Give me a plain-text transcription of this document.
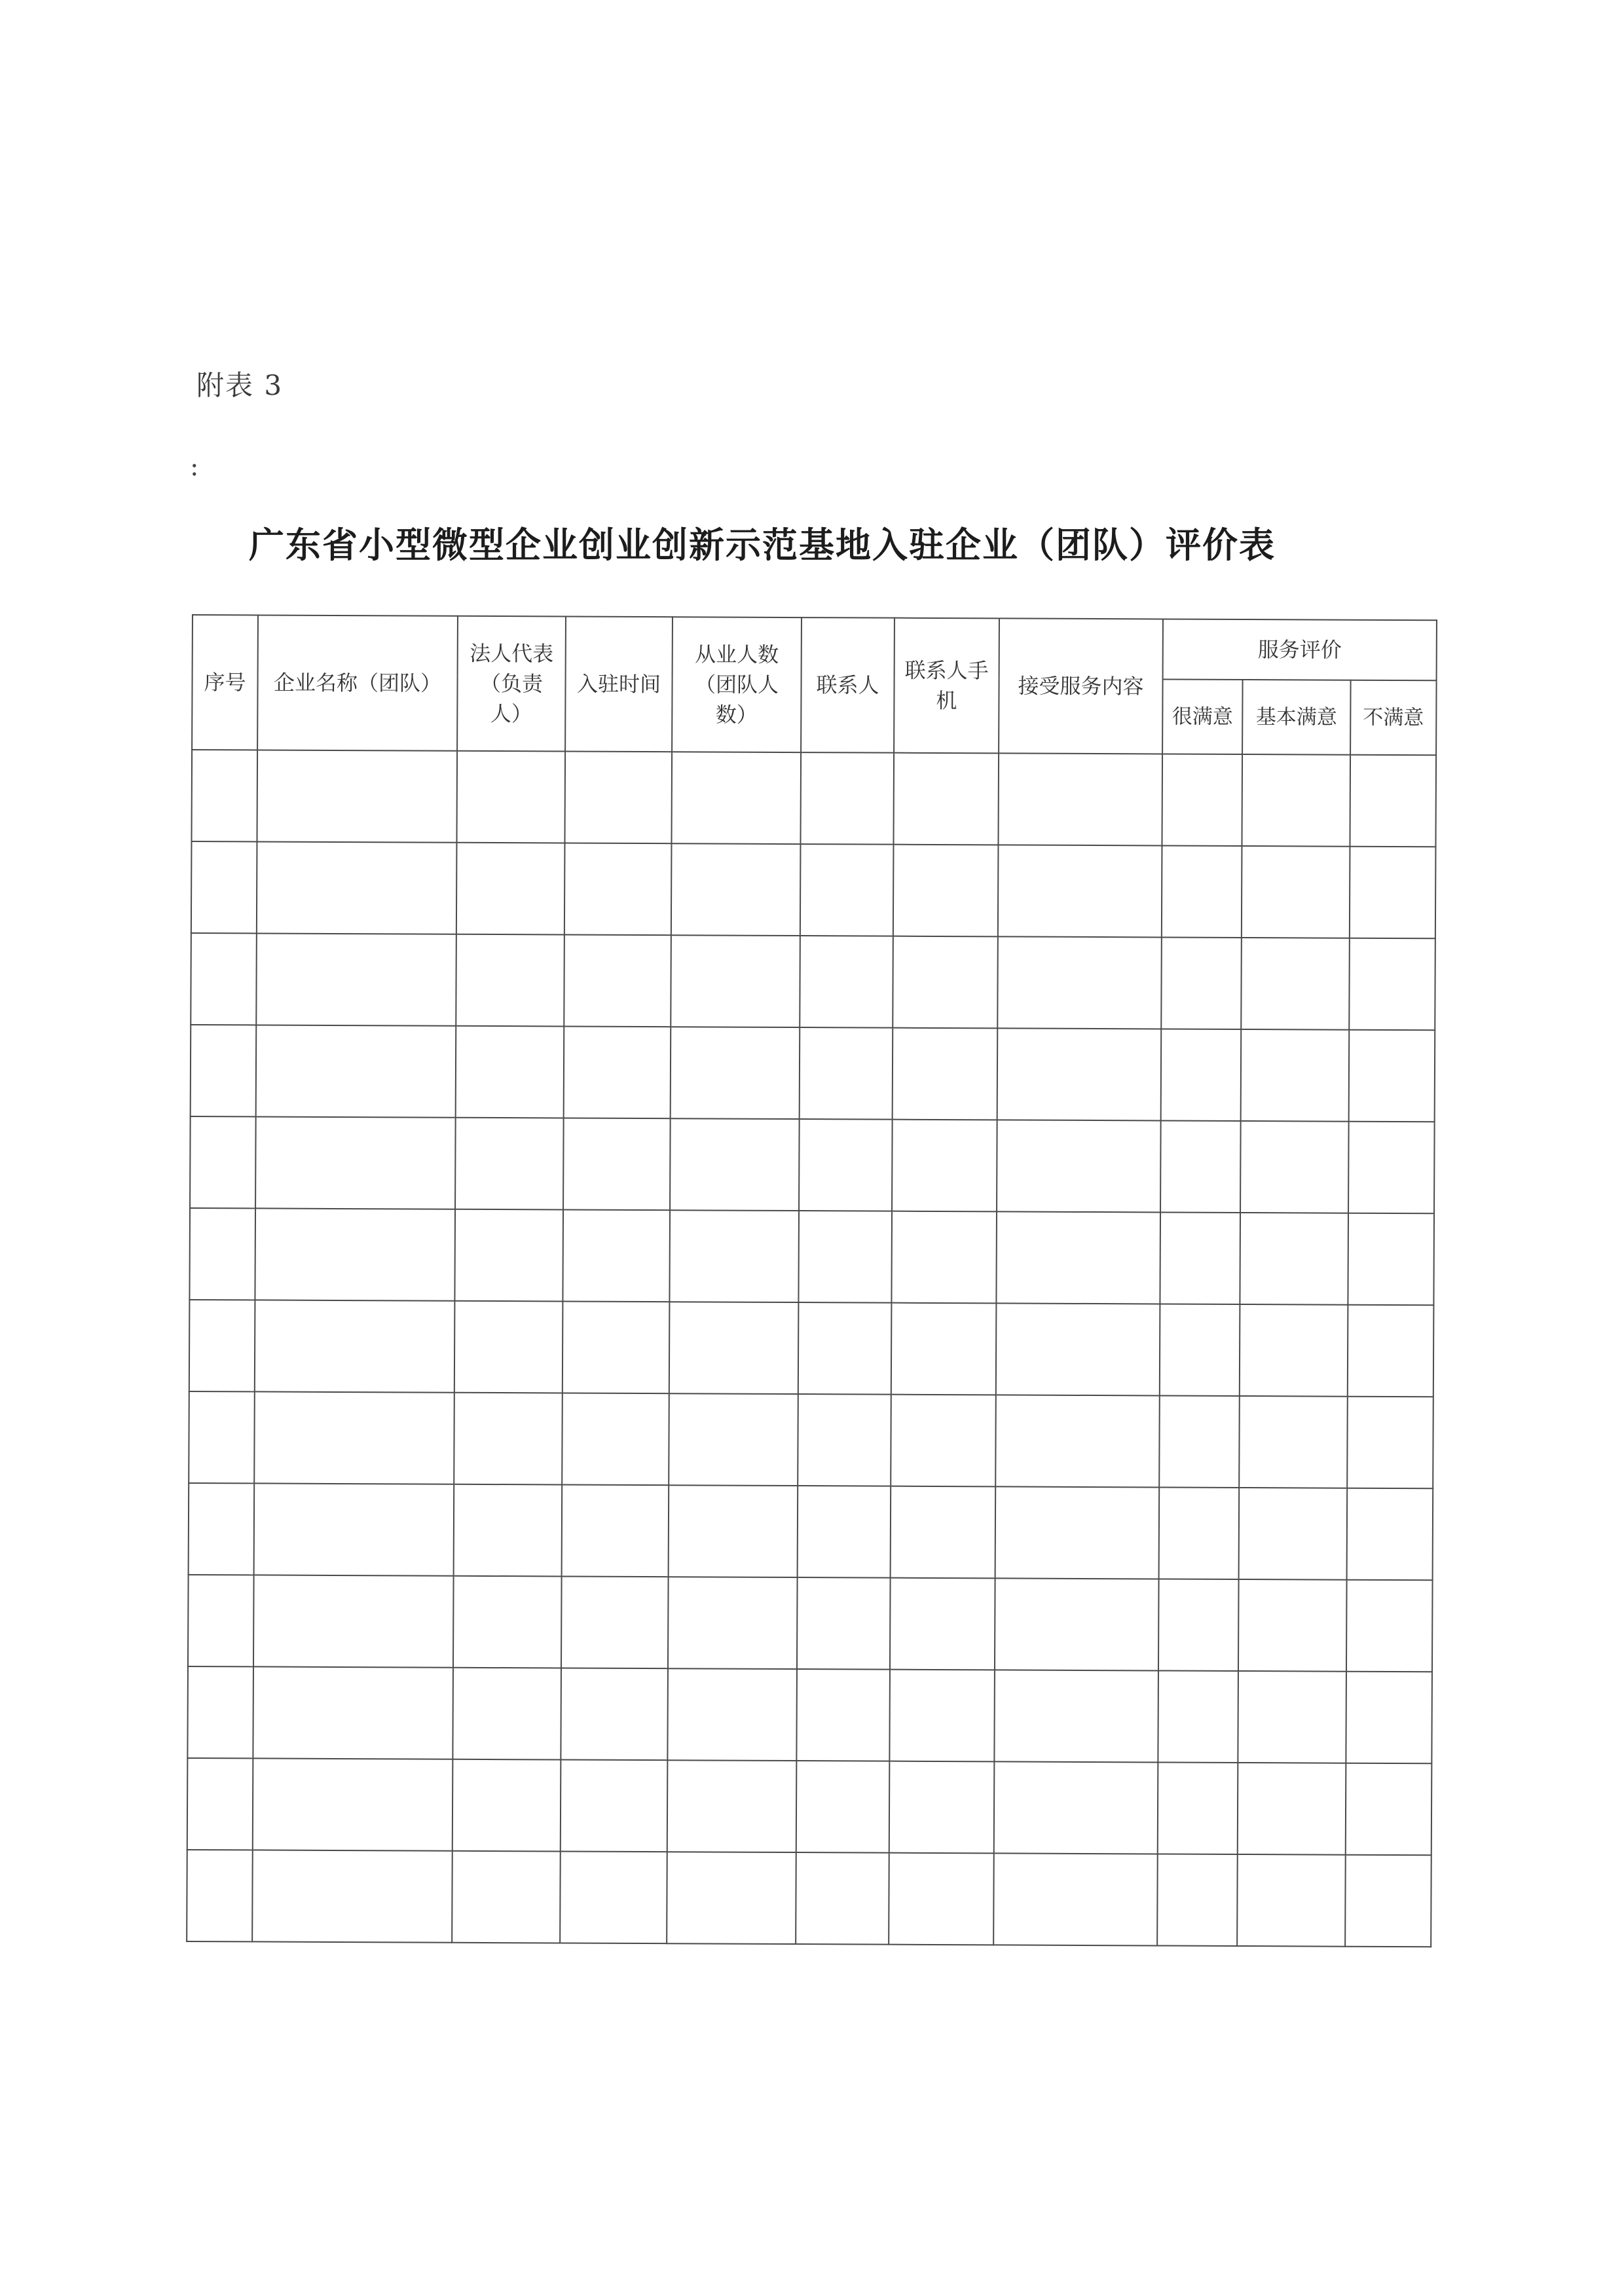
附表 3
:
广东省小型微型企业创业创新示范基地入驻企业（团队）评价表
序号	企业名称（团队）	法人代表（负责人）	入驻时间	从业人数（团队人数）	联系人	联系人手机	接受服务内容	服务评价		
								很满意	基本满意	不满意
